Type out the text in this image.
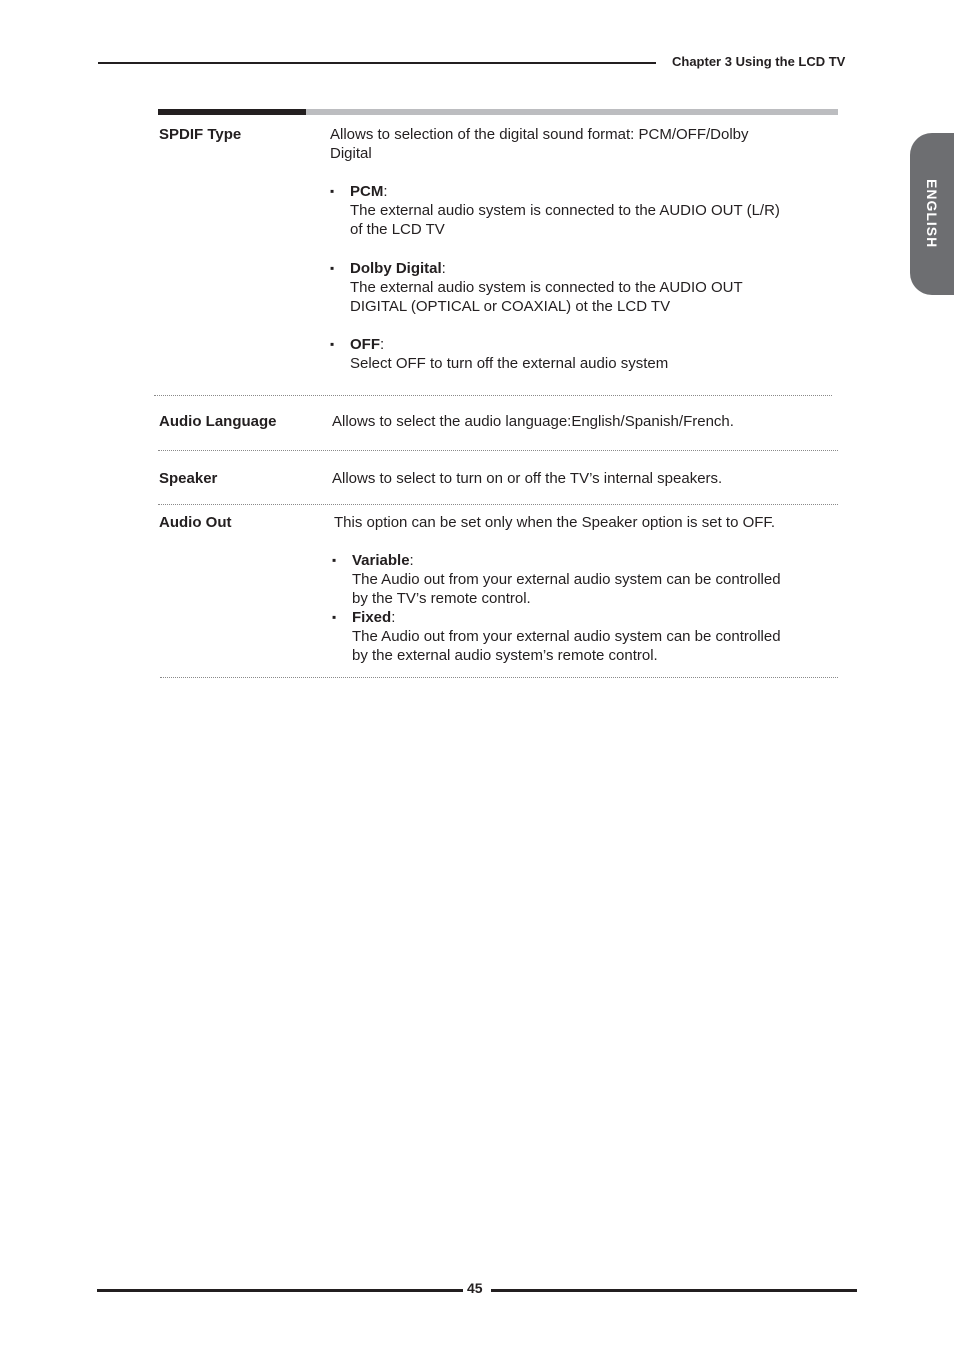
Chapter 3 Using the LCD TV
ENGLISH
SPDIF Type	Allows to selection of the digital sound format: PCM/OFF/Dolby
Digital
▪ PCM:
The external audio system is connected to the AUDIO OUT (L/R)
of the LCD TV
▪ Dolby Digital:
The external audio system is connected to the AUDIO OUT
DIGITAL (OPTICAL or COAXIAL) ot the LCD TV
▪ OFF:
Select OFF to turn off the external audio system
Audio Language	Allows to select the audio language:English/Spanish/French.
Speaker	Allows to select to turn on or off the TV’s internal speakers.
Audio Out	This option can be set only when the Speaker option is set to OFF.
▪ Variable:
The Audio out from your external audio system can be controlled
by the TV’s remote control.
▪ Fixed:
The Audio out from your external audio system can be controlled
by the external audio system’s remote control.
45
